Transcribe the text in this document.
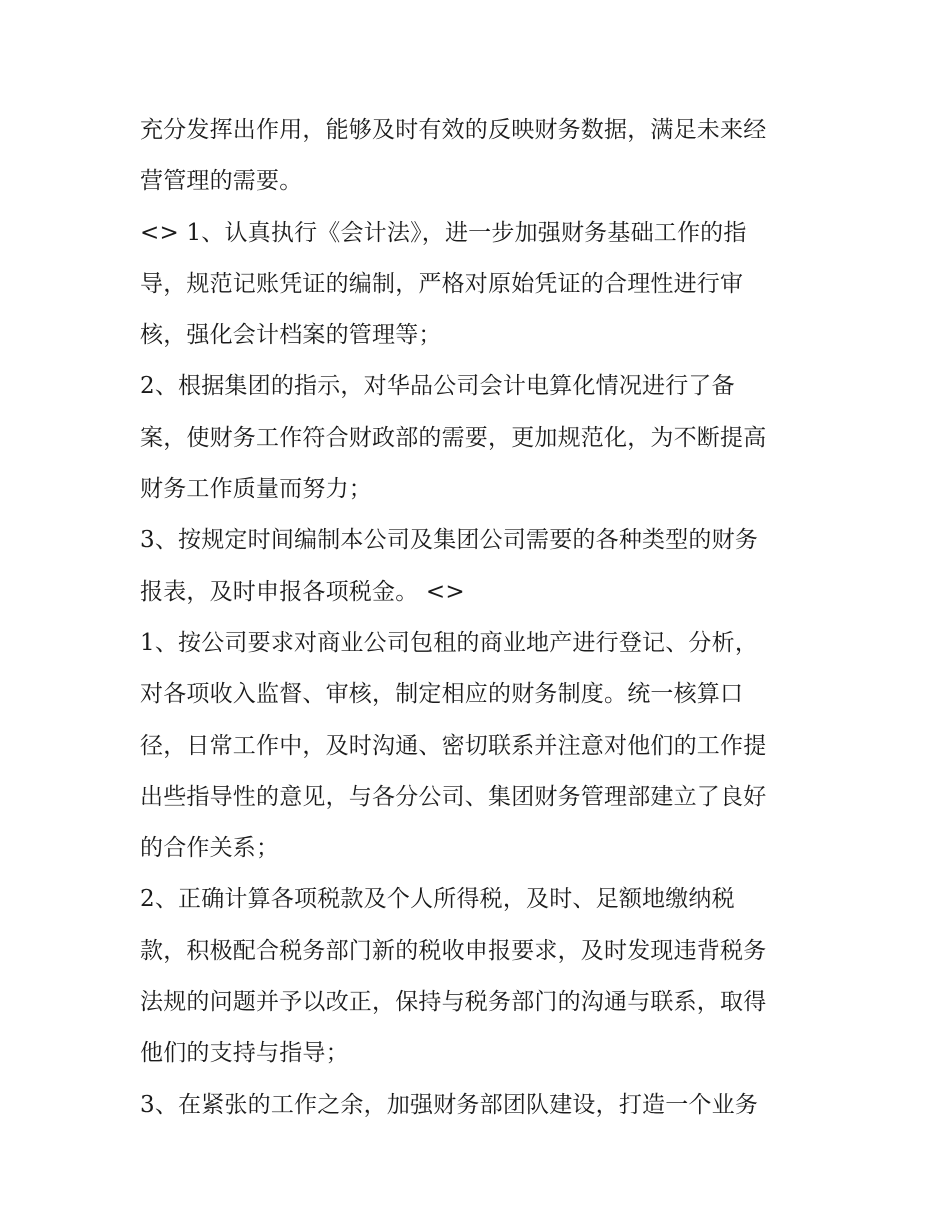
充分发挥出作用，能够及时有效的反映财务数据，满足未来经
营管理的需要。
<> 1、认真执行《会计法》，进一步加强财务基础工作的指
导，规范记账凭证的编制，严格对原始凭证的合理性进行审
核，强化会计档案的管理等；
2、根据集团的指示，对华品公司会计电算化情况进行了备
案，使财务工作符合财政部的需要，更加规范化，为不断提高
财务工作质量而努力；
3、按规定时间编制本公司及集团公司需要的各种类型的财务
报表，及时申报各项税金。 <>
1、按公司要求对商业公司包租的商业地产进行登记、分析，
对各项收入监督、审核，制定相应的财务制度。统一核算口
径，日常工作中，及时沟通、密切联系并注意对他们的工作提
出些指导性的意见，与各分公司、集团财务管理部建立了良好
的合作关系；
2、正确计算各项税款及个人所得税，及时、足额地缴纳税
款，积极配合税务部门新的税收申报要求，及时发现违背税务
法规的问题并予以改正，保持与税务部门的沟通与联系，取得
他们的支持与指导；
3、在紧张的工作之余，加强财务部团队建设，打造一个业务
